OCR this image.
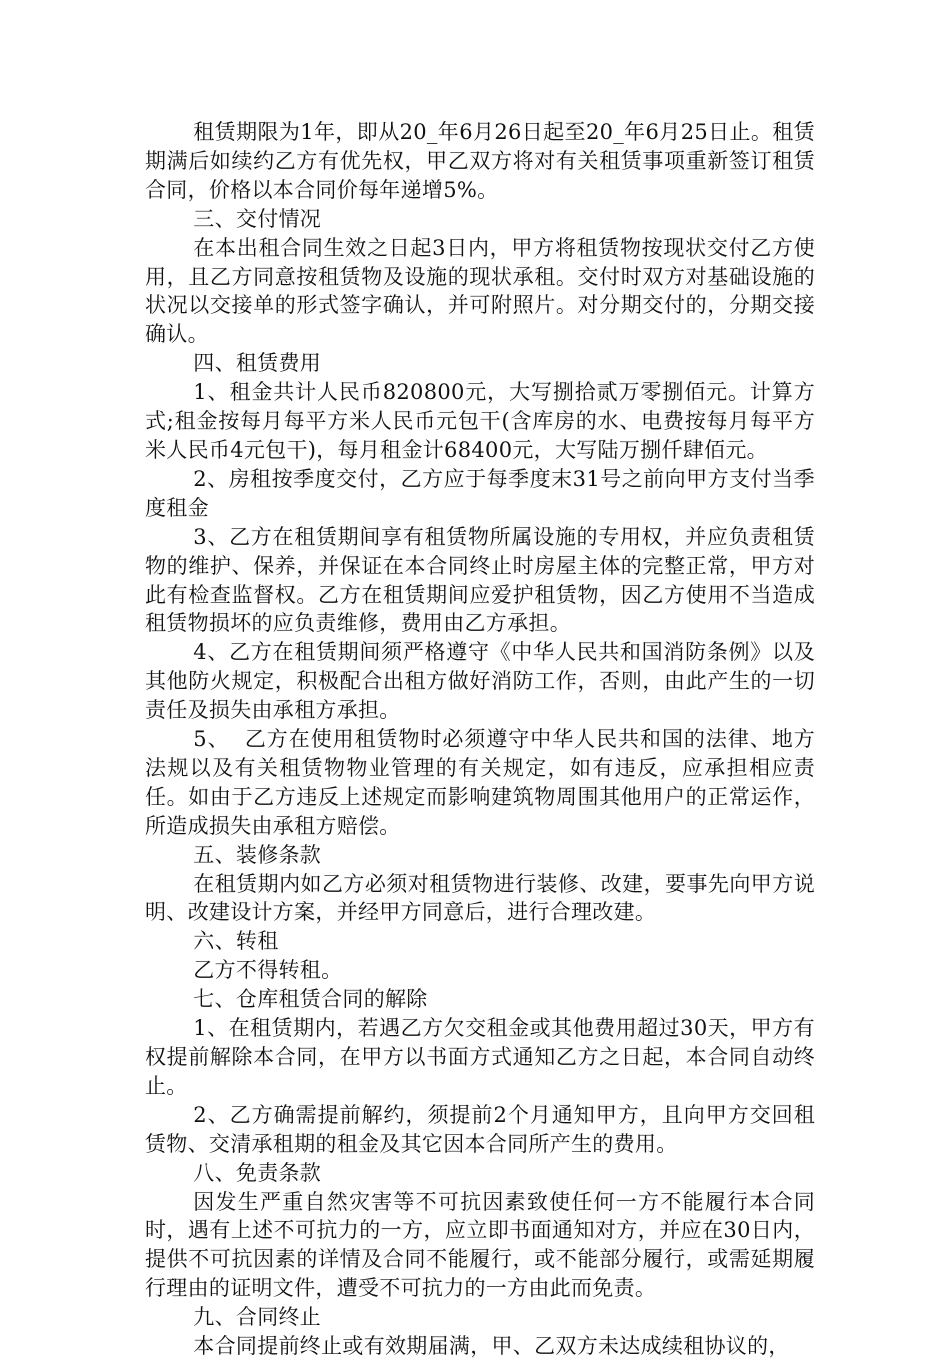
租赁期限为1年，即从20_年6月26日起至20_年6月25日止。租赁期满后如续约乙方有优先权，甲乙双方将对有关租赁事项重新签订租赁合同，价格以本合同价每年递增5%。

三、交付情况

在本出租合同生效之日起3日内，甲方将租赁物按现状交付乙方使用，且乙方同意按租赁物及设施的现状承租。交付时双方对基础设施的状况以交接单的形式签字确认，并可附照片。对分期交付的，分期交接确认。

四、租赁费用

1、租金共计人民币820800元，大写捌拾贰万零捌佰元。计算方式;租金按每月每平方米人民币元包干(含库房的水、电费按每月每平方米人民币4元包干)，每月租金计68400元，大写陆万捌仟肆佰元。

2、房租按季度交付，乙方应于每季度末31号之前向甲方支付当季度租金

3、乙方在租赁期间享有租赁物所属设施的专用权，并应负责租赁物的维护、保养，并保证在本合同终止时房屋主体的完整正常，甲方对此有检查监督权。乙方在租赁期间应爱护租赁物，因乙方使用不当造成租赁物损坏的应负责维修，费用由乙方承担。

4、乙方在租赁期间须严格遵守《中华人民共和国消防条例》以及其他防火规定，积极配合出租方做好消防工作，否则，由此产生的一切责任及损失由承租方承担。

5、  乙方在使用租赁物时必须遵守中华人民共和国的法律、地方法规以及有关租赁物物业管理的有关规定，如有违反，应承担相应责任。如由于乙方违反上述规定而影响建筑物周围其他用户的正常运作，所造成损失由承租方赔偿。

五、装修条款

在租赁期内如乙方必须对租赁物进行装修、改建，要事先向甲方说明、改建设计方案，并经甲方同意后，进行合理改建。

六、转租

乙方不得转租。

七、仓库租赁合同的解除

1、在租赁期内，若遇乙方欠交租金或其他费用超过30天，甲方有权提前解除本合同，在甲方以书面方式通知乙方之日起，本合同自动终止。

2、乙方确需提前解约，须提前2个月通知甲方，且向甲方交回租赁物、交清承租期的租金及其它因本合同所产生的费用。

八、免责条款

因发生严重自然灾害等不可抗因素致使任何一方不能履行本合同时，遇有上述不可抗力的一方，应立即书面通知对方，并应在30日内，提供不可抗因素的详情及合同不能履行，或不能部分履行，或需延期履行理由的证明文件，遭受不可抗力的一方由此而免责。

九、合同终止

本合同提前终止或有效期届满，甲、乙双方未达成续租协议的，
